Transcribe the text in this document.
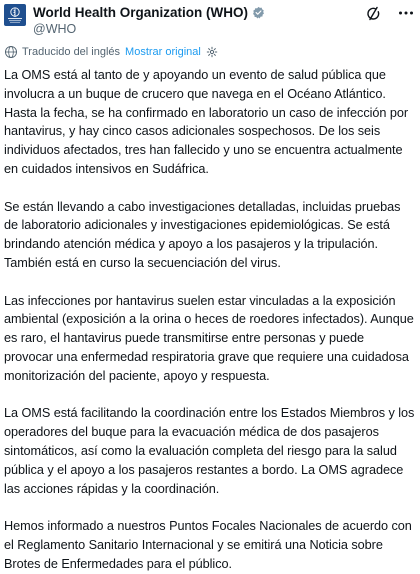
World Health Organization (WHO)
@WHO
Traducido del inglés Mostrar original

La OMS está al tanto de y apoyando un evento de salud pública que involucra a un buque de crucero que navega en el Océano Atlántico. Hasta la fecha, se ha confirmado en laboratorio un caso de infección por hantavirus, y hay cinco casos adicionales sospechosos. De los seis individuos afectados, tres han fallecido y uno se encuentra actualmente en cuidados intensivos en Sudáfrica.

Se están llevando a cabo investigaciones detalladas, incluidas pruebas de laboratorio adicionales y investigaciones epidemiológicas. Se está brindando atención médica y apoyo a los pasajeros y la tripulación. También está en curso la secuenciación del virus.

Las infecciones por hantavirus suelen estar vinculadas a la exposición ambiental (exposición a la orina o heces de roedores infectados). Aunque es raro, el hantavirus puede transmitirse entre personas y puede provocar una enfermedad respiratoria grave que requiere una cuidadosa monitorización del paciente, apoyo y respuesta.

La OMS está facilitando la coordinación entre los Estados Miembros y los operadores del buque para la evacuación médica de dos pasajeros sintomáticos, así como la evaluación completa del riesgo para la salud pública y el apoyo a los pasajeros restantes a bordo. La OMS agradece las acciones rápidas y la coordinación.

Hemos informado a nuestros Puntos Focales Nacionales de acuerdo con el Reglamento Sanitario Internacional y se emitirá una Noticia sobre Brotes de Enfermedades para el público.
